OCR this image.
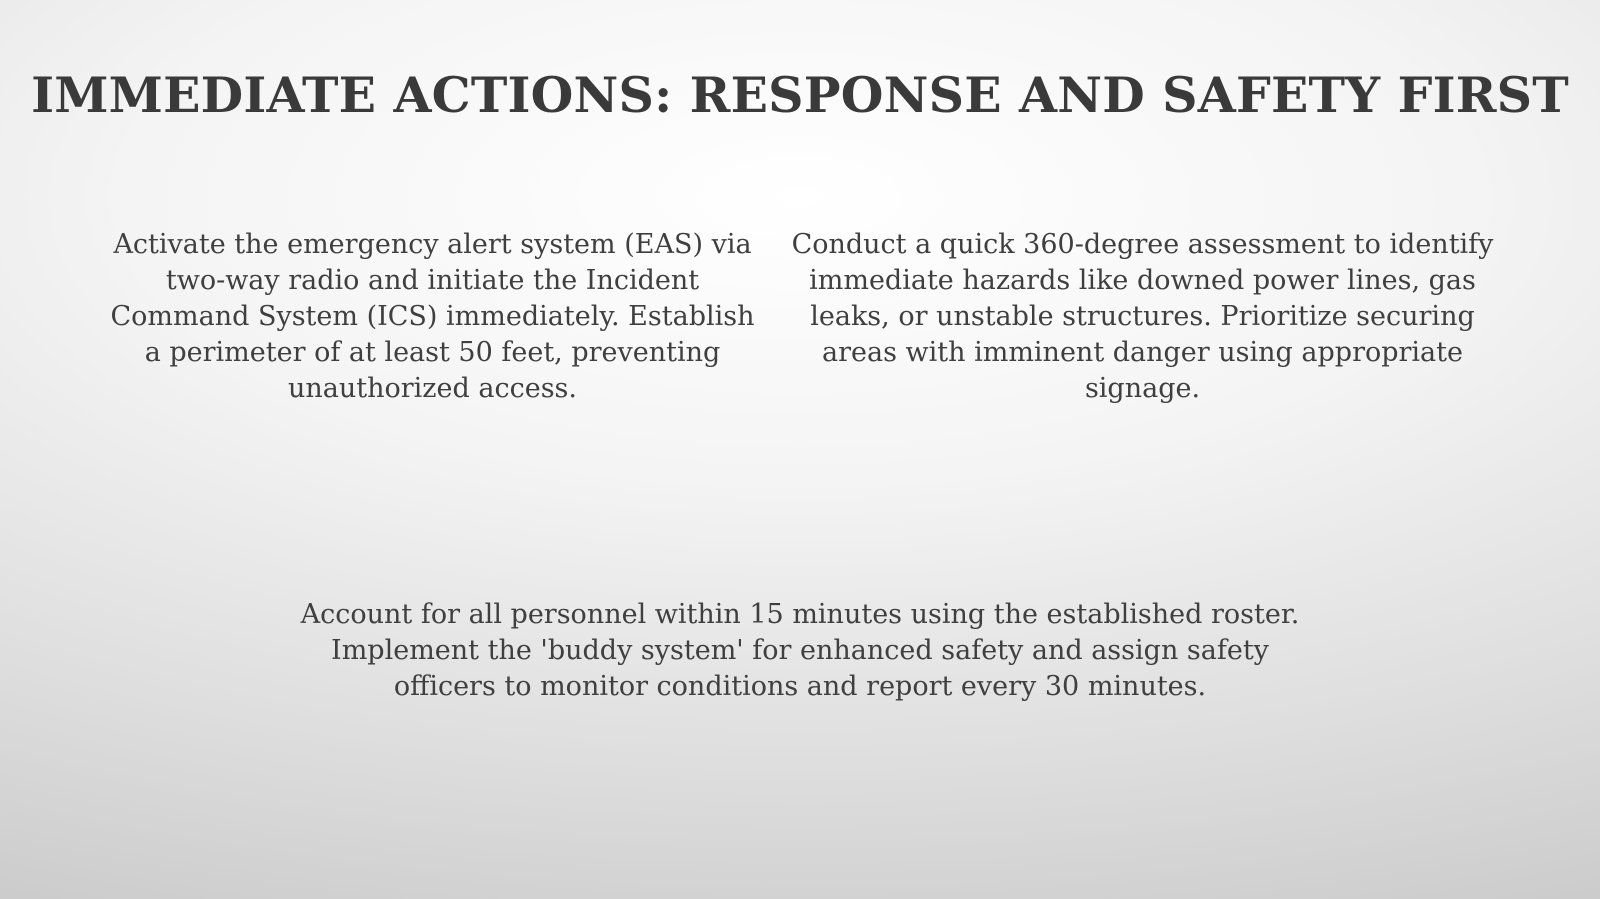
IMMEDIATE ACTIONS: RESPONSE AND SAFETY FIRST

Activate the emergency alert system (EAS) via two-way radio and initiate the Incident Command System (ICS) immediately. Establish a perimeter of at least 50 feet, preventing unauthorized access.

Conduct a quick 360-degree assessment to identify immediate hazards like downed power lines, gas leaks, or unstable structures. Prioritize securing areas with imminent danger using appropriate signage.

Account for all personnel within 15 minutes using the established roster. Implement the 'buddy system' for enhanced safety and assign safety officers to monitor conditions and report every 30 minutes.
